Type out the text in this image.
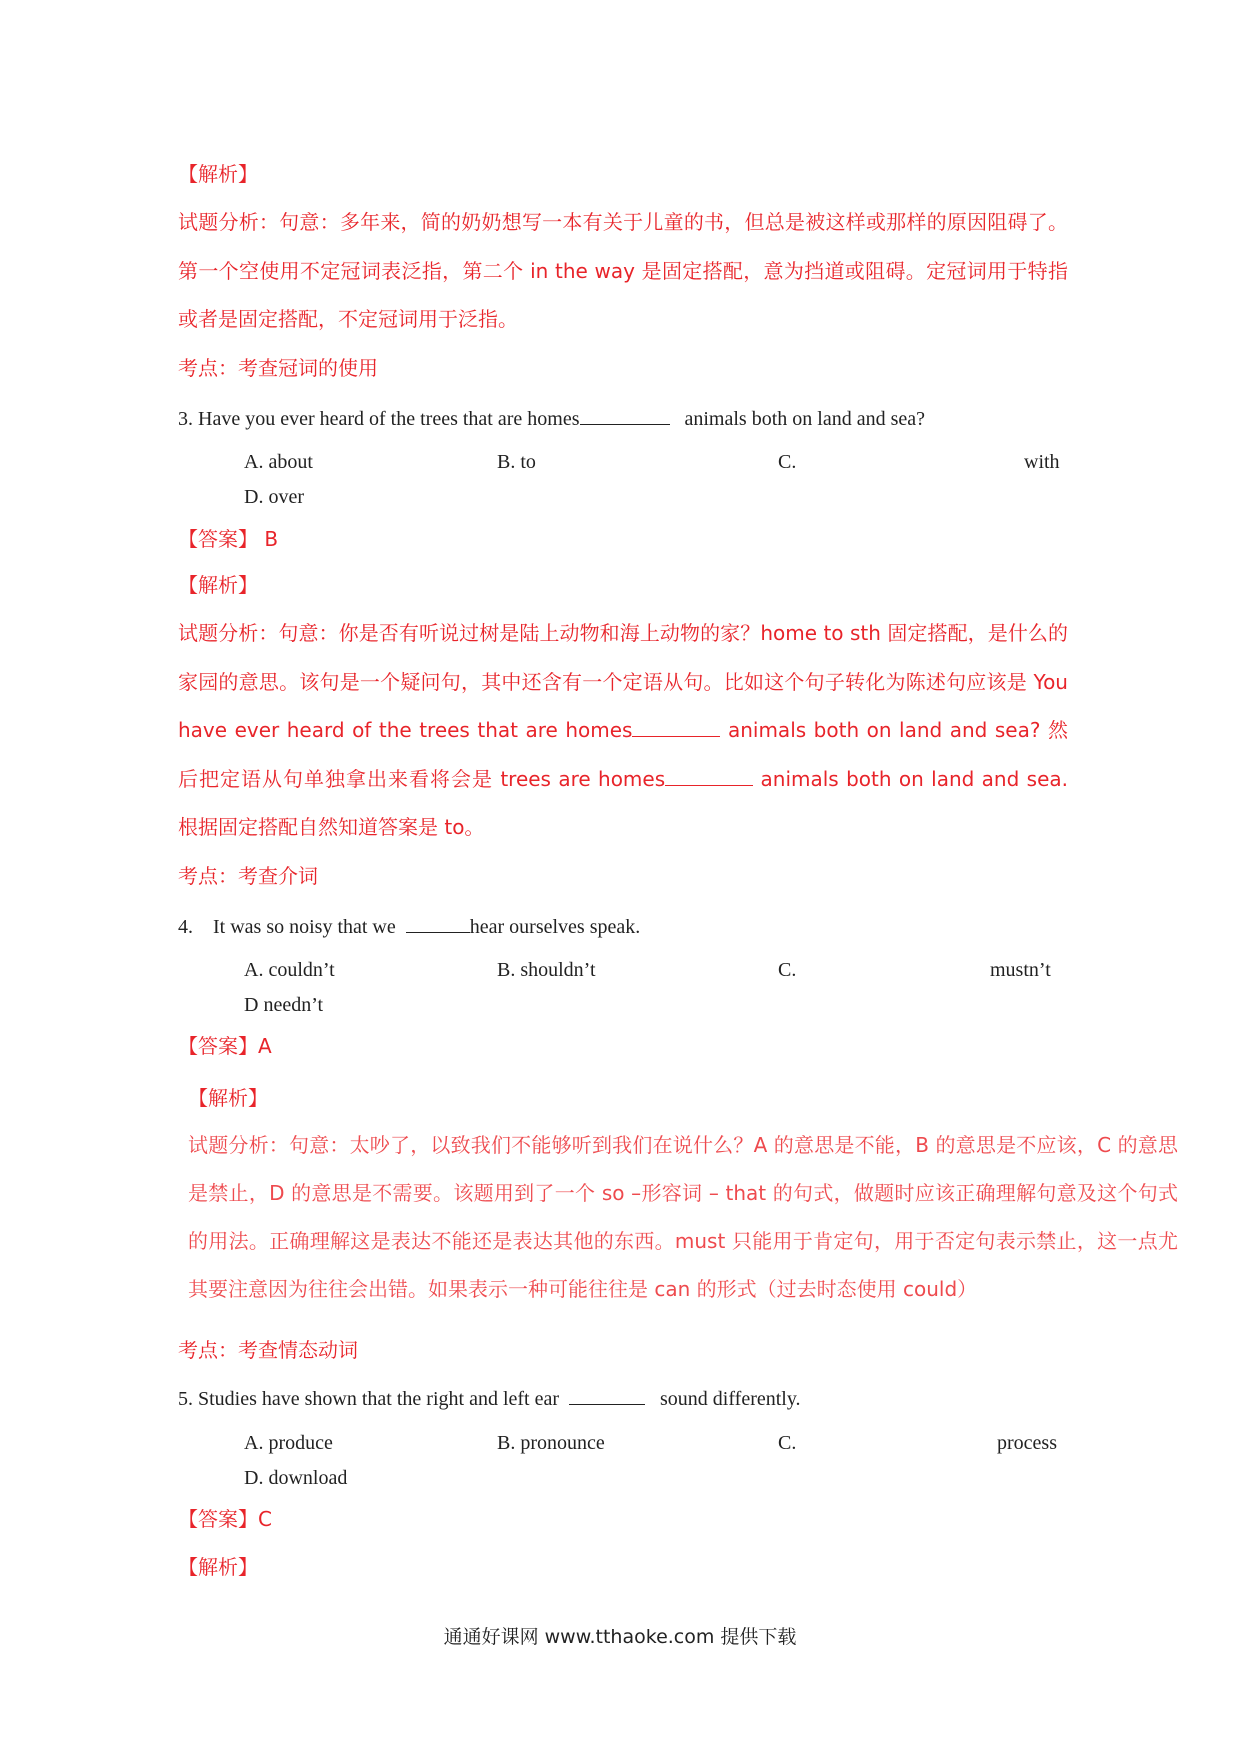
【解析】
试题分析：句意：多年来，简的奶奶想写一本有关于儿童的书，但总是被这样或那样的原因阻碍了。第一个空使用不定冠词表泛指，第二个 in the way 是固定搭配，意为挡道或阻碍。定冠词用于特指或者是固定搭配，不定冠词用于泛指。
考点：考查冠词的使用
3. Have you ever heard of the trees that are homes	animals both on land and sea?
A. about	B. to	C.	with
D. over
【答案】 B
【解析】
试题分析：句意：你是否有听说过树是陆上动物和海上动物的家？home to sth 固定搭配，是什么的家园的意思。该句是一个疑问句，其中还含有一个定语从句。比如这个句子转化为陈述句应该是 You have ever heard of the trees that are homes	animals both on land and sea? 然后把定语从句单独拿出来看将会是 trees are homes	animals both on land and sea. 根据固定搭配自然知道答案是 to。
考点：考查介词
4. It was so noisy that we	hear ourselves speak.
A. couldn’t	B. shouldn’t	C.	mustn’t
D needn’t
【答案】A
【解析】
试题分析：句意：太吵了，以致我们不能够听到我们在说什么？A 的意思是不能，B 的意思是不应该，C 的意思是禁止，D 的意思是不需要。该题用到了一个 so –形容词 – that 的句式，做题时应该正确理解句意及这个句式的用法。正确理解这是表达不能还是表达其他的东西。must 只能用于肯定句，用于否定句表示禁止，这一点尤其要注意因为往往会出错。如果表示一种可能往往是 can 的形式（过去时态使用 could）
考点：考查情态动词
5. Studies have shown that the right and left ear	sound differently.
A. produce	B. pronounce	C.	process
D. download
【答案】C
【解析】
通通好课网 www.tthaoke.com 提供下载
